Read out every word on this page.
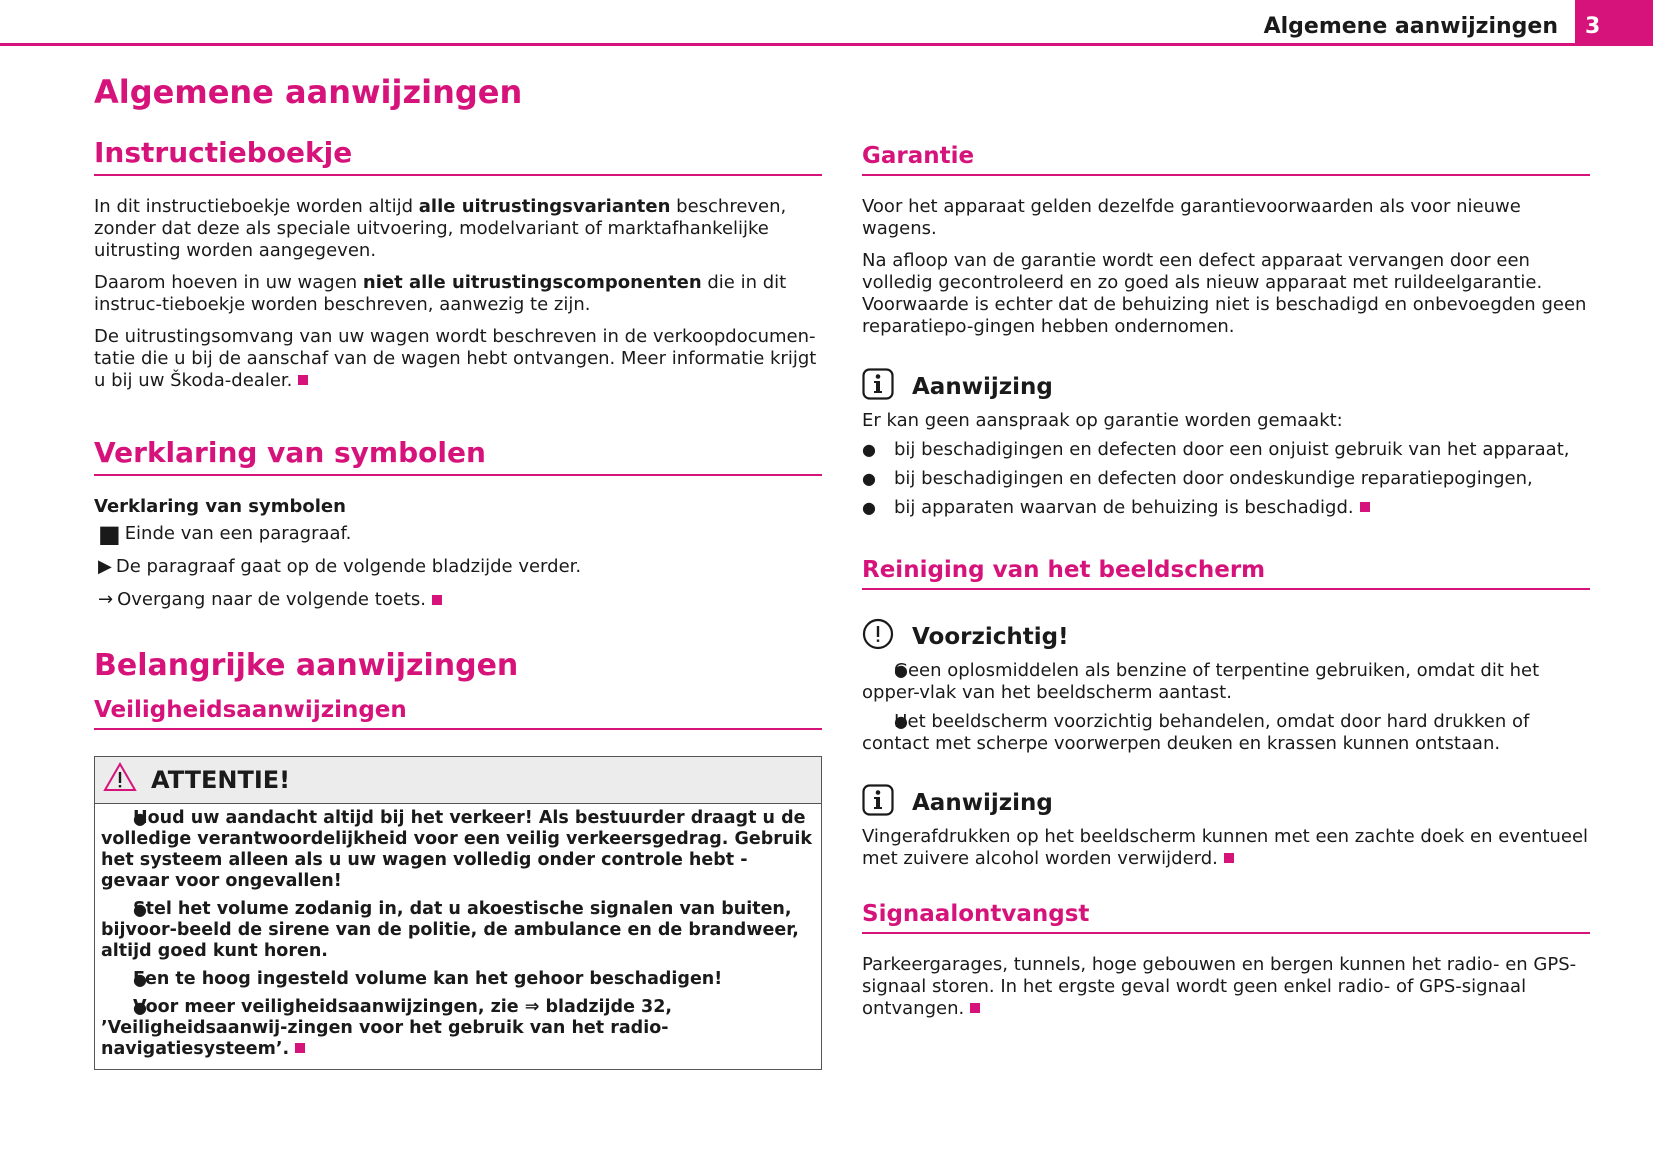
Algemene aanwijzingen	3
Algemene aanwijzingen
Instructieboekje

In dit instructieboekje worden altijd alle uitrustingsvarianten beschreven, zonder dat deze als speciale uitvoering, modelvariant of marktafhankelijke uitrusting worden aangegeven.

Daarom hoeven in uw wagen niet alle uitrustingscomponenten die in dit instruc-tieboekje worden beschreven, aanwezig te zijn.

De uitrustingsomvang van uw wagen wordt beschreven in de verkoopdocumen-tatie die u bij de aanschaf van de wagen hebt ontvangen. Meer informatie krijgt u bij uw Škoda-dealer.

Verklaring van symbolen
Verklaring van symbolen
■ Einde van een paragraaf.
▶ De paragraaf gaat op de volgende bladzijde verder.
→ Overgang naar de volgende toets.
Belangrijke aanwijzingen
Veiligheidsaanwijzingen
ATTENTIE!
● Houd uw aandacht altijd bij het verkeer! Als bestuurder draagt u de volledige verantwoordelijkheid voor een veilig verkeersgedrag. Gebruik het systeem alleen als u uw wagen volledig onder controle hebt - gevaar voor ongevallen!
● Stel het volume zodanig in, dat u akoestische signalen van buiten, bijvoor-beeld de sirene van de politie, de ambulance en de brandweer, altijd goed kunt horen.
● Een te hoog ingesteld volume kan het gehoor beschadigen!
● Voor meer veiligheidsaanwijzingen, zie ⇒ bladzijde 32, ’Veiligheidsaanwij-zingen voor het gebruik van het radio-navigatiesysteem’.
Garantie

Voor het apparaat gelden dezelfde garantievoorwaarden als voor nieuwe wagens.

Na afloop van de garantie wordt een defect apparaat vervangen door een volledig gecontroleerd en zo goed als nieuw apparaat met ruildeelgarantie. Voorwaarde is echter dat de behuizing niet is beschadigd en onbevoegden geen reparatiepo-gingen hebben ondernomen.

Aanwijzing

Er kan geen aanspraak op garantie worden gemaakt:

● bij beschadigingen en defecten door een onjuist gebruik van het apparaat,
● bij beschadigingen en defecten door ondeskundige reparatiepogingen,
● bij apparaten waarvan de behuizing is beschadigd.
Reiniging van het beeldscherm
Voorzichtig!
● Geen oplosmiddelen als benzine of terpentine gebruiken, omdat dit het opper-vlak van het beeldscherm aantast.
● Het beeldscherm voorzichtig behandelen, omdat door hard drukken of contact met scherpe voorwerpen deuken en krassen kunnen ontstaan.
Aanwijzing

Vingerafdrukken op het beeldscherm kunnen met een zachte doek en eventueel met zuivere alcohol worden verwijderd.

Signaalontvangst

Parkeergarages, tunnels, hoge gebouwen en bergen kunnen het radio- en GPS-signaal storen. In het ergste geval wordt geen enkel radio- of GPS-signaal ontvangen.
